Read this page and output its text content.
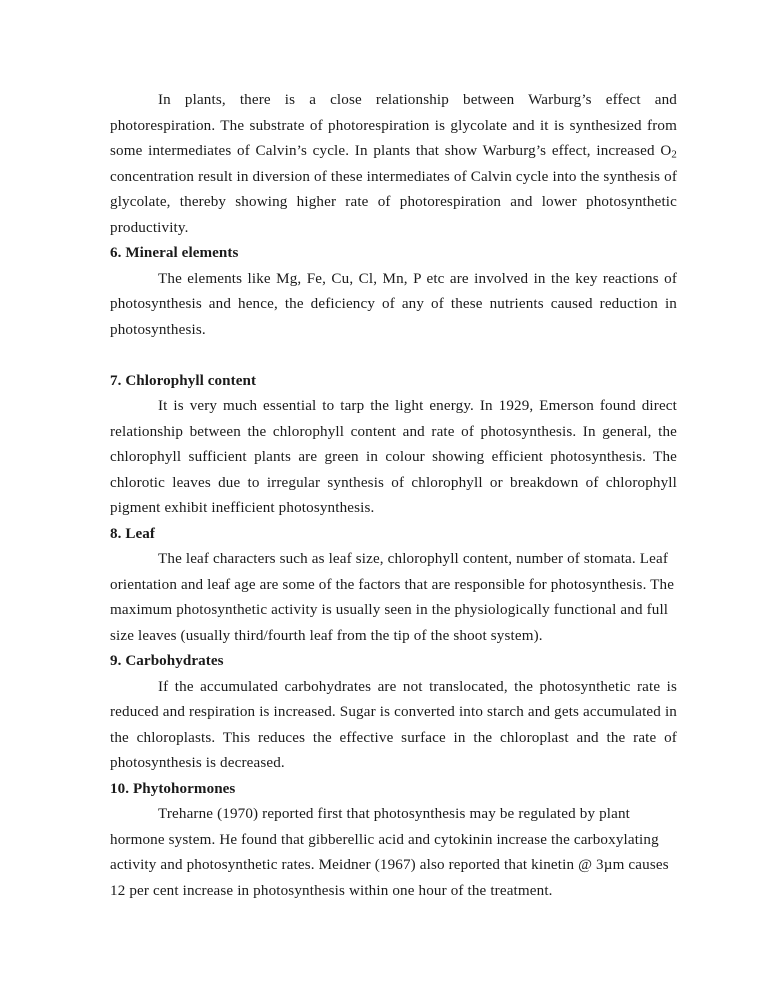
In plants, there is a close relationship between Warburg’s effect and photorespiration. The substrate of photorespiration is glycolate and it is synthesized from some intermediates of Calvin’s cycle. In plants that show Warburg’s effect, increased $O_2$ concentration result in diversion of these intermediates of Calvin cycle into the synthesis of glycolate, thereby showing higher rate of photorespiration and lower photosynthetic productivity.

6. Mineral elements

The elements like Mg, Fe, Cu, Cl, Mn, P etc are involved in the key reactions of photosynthesis and hence, the deficiency of any of these nutrients caused reduction in photosynthesis.

7. Chlorophyll content

It is very much essential to tarp the light energy. In 1929, Emerson found direct relationship between the chlorophyll content and rate of photosynthesis. In general, the chlorophyll sufficient plants are green in colour showing efficient photosynthesis. The chlorotic leaves due to irregular synthesis of chlorophyll or breakdown of chlorophyll pigment exhibit inefficient photosynthesis.

8. Leaf

The leaf characters such as leaf size, chlorophyll content, number of stomata. Leaf orientation and leaf age are some of the factors that are responsible for photosynthesis. The maximum photosynthetic activity is usually seen in the physiologically functional and full size leaves (usually third/fourth leaf from the tip of the shoot system).

9. Carbohydrates

If the accumulated carbohydrates are not translocated, the photosynthetic rate is reduced and respiration is increased. Sugar is converted into starch and gets accumulated in the chloroplasts. This reduces the effective surface in the chloroplast and the rate of photosynthesis is decreased.

10. Phytohormones

Treharne (1970) reported first that photosynthesis may be regulated by plant hormone system. He found that gibberellic acid and cytokinin increase the carboxylating activity and photosynthetic rates. Meidner (1967) also reported that kinetin @ 3µm causes 12 per cent increase in photosynthesis within one hour of the treatment.
